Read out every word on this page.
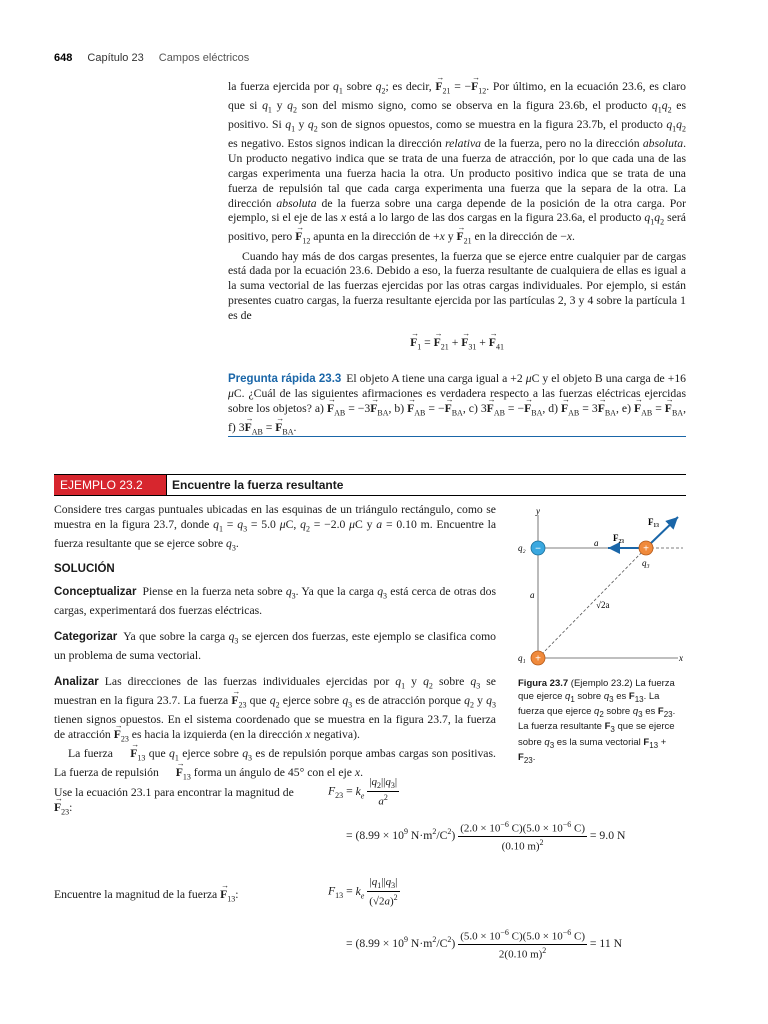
648 Capítulo 23 Campos eléctricos

la fuerza ejercida por $q_1$ sobre $q_2$; es decir, → $F_{21}$ = −→ $F_{12}$. Por último, en la ecuación 23.6, es claro que si $q_1$ y $q_2$ son del mismo signo, como se observa en la figura 23.6b, el producto $q_1q_2$ es positivo. Si $q_1$ y $q_2$ son de signos opuestos, como se muestra en la figura 23.7b, el producto $q_1q_2$ es negativo. Estos signos indican la dirección relativa de la fuerza, pero no la dirección absoluta. Un producto negativo indica que se trata de una fuerza de atracción, por lo que cada una de las cargas experimenta una fuerza hacia la otra. Un producto positivo indica que se trata de una fuerza de repulsión tal que cada carga experimenta una fuerza que la separa de la otra. La dirección absoluta de la fuerza sobre una carga depende de la posición de la otra carga. Por ejemplo, si el eje de las x está a lo largo de las dos cargas en la figura 23.6a, el producto $q_1q_2$ será positivo, pero → $F_{12}$ apunta en la dirección de +x $y \to F_{21}$ en la dirección de −x.

Cuando hay más de dos cargas presentes, la fuerza que se ejerce entre cualquier par de cargas está dada por la ecuación 23.6. Debido a eso, la fuerza resultante de cualquiera de ellas es igual a la suma vectorial de las fuerzas ejercidas por las otras cargas individuales. Por ejemplo, si están presentes cuatro cargas, la fuerza resultante ejercida por las partículas 2, 3 y 4 sobre la partícula 1 es de

→ $F_1$ = → $F_{21}$ + → $F_{31}$ + → $F_{41}$

Pregunta rápida 23.3 El objeto A tiene una carga igual a +2 μC y el objeto B una carga de +16 μC. ¿Cuál de las siguientes afirmaciones es verdadera respecto a las fuerzas eléctricas ejercidas sobre los objetos? $a) \to F_{AB} = -3\to F_{BA}$, $b) \to F_{AB}$ = −→ $F_{BA}$, c) $3\to F_{AB}$ = −→ $F_{BA}$, $d) \to F_{AB} = 3\to F_{BA}$, $e) \to F_{AB}$ = → $F_{BA}$, f) $3\to F_{AB}$ = → $F_{BA}$.
EJEMPLO 23.2	Encuentre la fuerza resultante

Considere tres cargas puntuales ubicadas en las esquinas de un triángulo rectángulo, como se muestra en la figura 23.7, donde $q_1 = q_3 = 5.0$ μC, $q_2 = -2.0$ μC y a = 0.10 m. Encuentre la fuerza resultante que se ejerce sobre $q_3$.

SOLUCIÓN

Conceptualizar Piense en la fuerza neta sobre $q_3$. Ya que la carga $q_3$ está cerca de otras dos cargas, experimentará dos fuerzas eléctricas.

Categorizar Ya que sobre la carga $q_3$ se ejercen dos fuerzas, este ejemplo se clasifica como un problema de suma vectorial.

Analizar Las direcciones de las fuerzas individuales ejercidas por $q_1$ y $q_2$ sobre $q_3$ se muestran en la figura 23.7. La fuerza → $F_{23}$ que $q_2$ ejerce sobre $q_3$ es de atracción porque $q_2$ y $q_3$ tienen signos opuestos. En el sistema coordenado que se muestra en la figura 23.7, la fuerza de atracción → $F_{23}$ es hacia la izquierda (en la dirección x negativa).

La fuerza → $F_{13}$ que $q_1$ ejerce sobre $q_3$ es de repulsión porque ambas cargas son positivas. La fuerza de repulsión → $F_{13}$ forma un ángulo de 45° con el eje x.

y
x
−	+
+
q₂
q₁
q₃
a
a
√2a
F₂₃
F₁₃
Figura 23.7 (Ejemplo 23.2) La fuerza que ejerce $q_1$ sobre $q_3$ es $F_{13}$. La fuerza que ejerce $q_2$ sobre $q_3$ es $F_{23}$. La fuerza resultante $F_3$ que se ejerce sobre $q_3$ es la suma vectorial $F_{13} + F_{23}$.
Use la ecuación 23.1 para encontrar la magnitud de → $F_{23}$:
$F_{23} = k_e \frac{|q_2||q_3|}{a^2}$
= ($8.99 \times 10^9$ $N\cdot m^2/C^2) \frac{(2.0 \times 10^{-6} C)(5.0 \times 10^{-6} C)}{(0.10 m)^2} = 9.0$ N
Encuentre la magnitud de la fuerza → $F_{13}$:	$F_{13} = k_e \frac{|q_1||q_3|}{(√2a)^2}$
= ($8.99 \times 10^9$ $N\cdot m^2/C^2) \frac{(5.0 \times 10^{-6} C)(5.0 \times 10^{-6} C)}{2(0.10 m)^2} = 11$ N
